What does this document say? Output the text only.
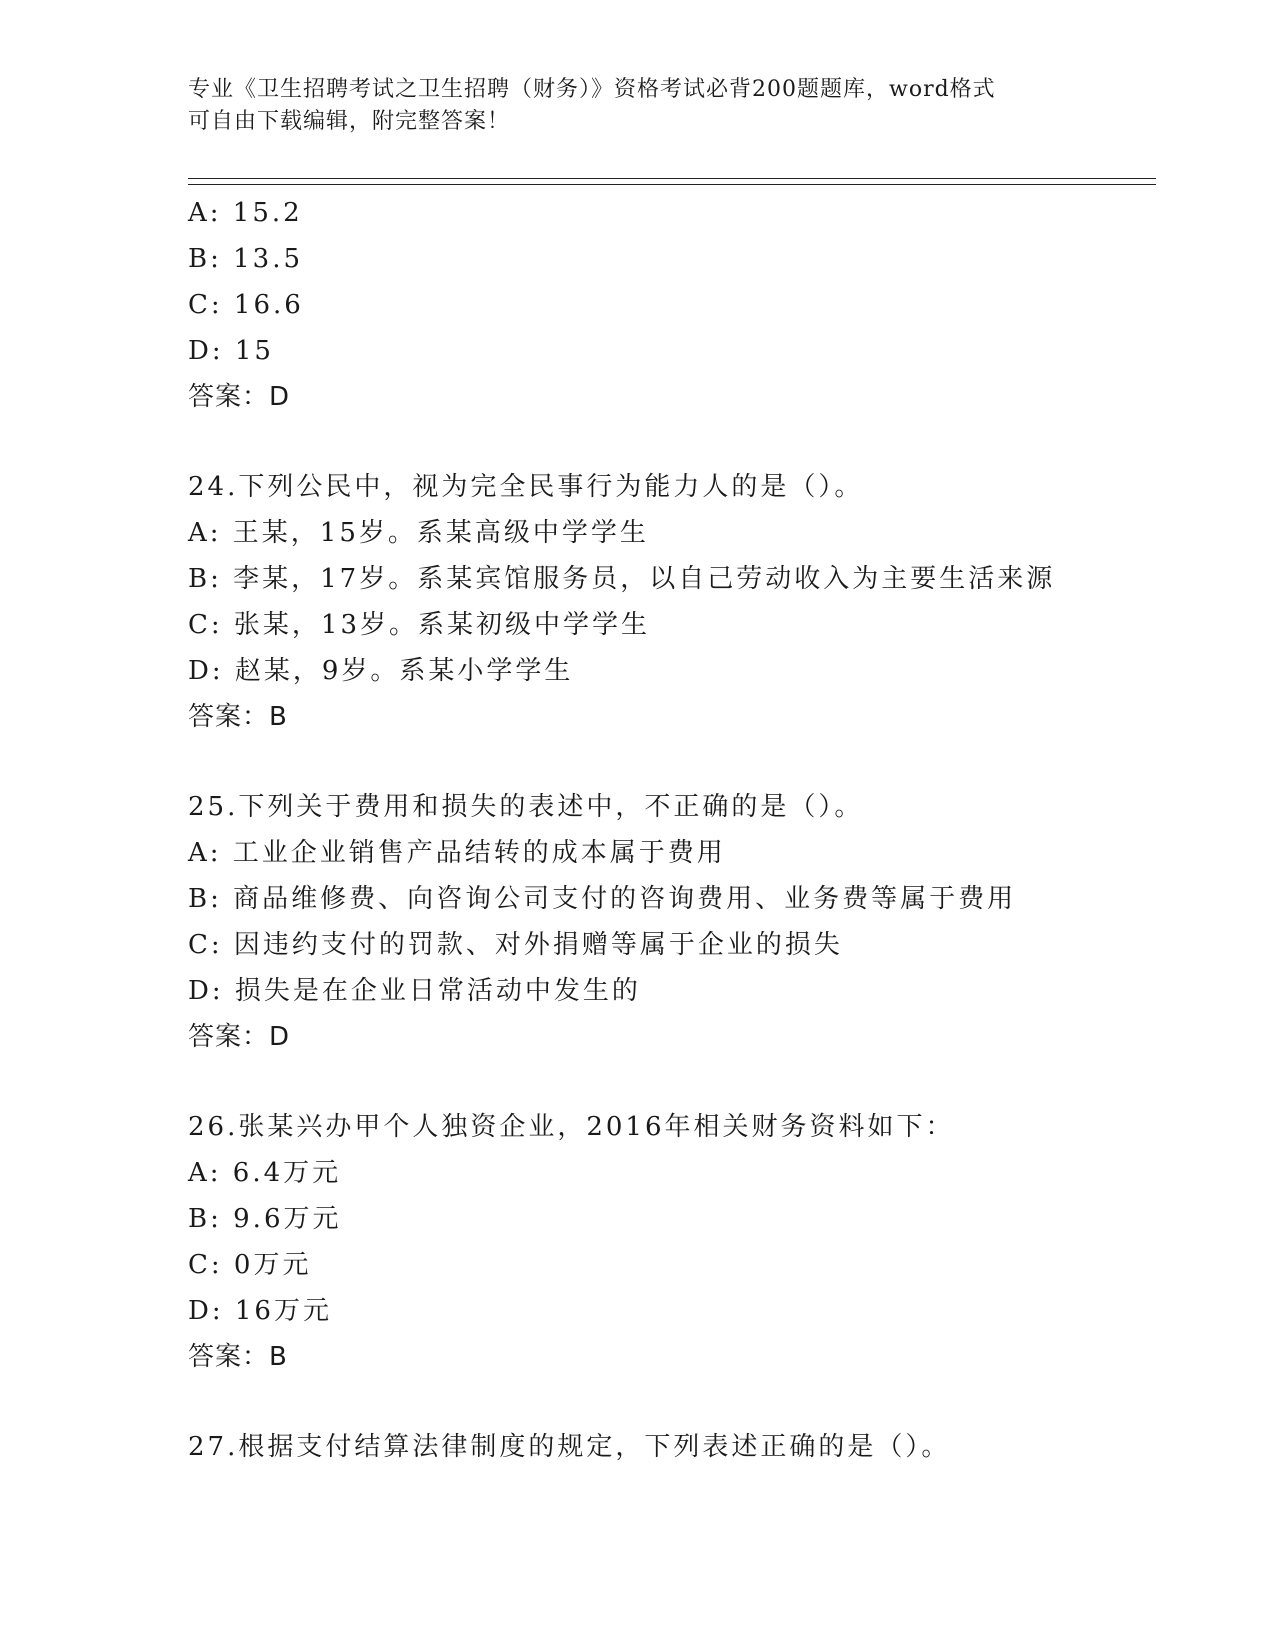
专业《卫生招聘考试之卫生招聘（财务）》资格考试必背200题题库，word格式
可自由下载编辑，附完整答案！
A: 15.2
B: 13.5
C: 16.6
D: 15
答案：D
24.下列公民中，视为完全民事行为能力人的是（）。
A: 王某，15岁。系某高级中学学生
B: 李某，17岁。系某宾馆服务员，以自己劳动收入为主要生活来源
C: 张某，13岁。系某初级中学学生
D: 赵某，9岁。系某小学学生
答案：B
25.下列关于费用和损失的表述中，不正确的是（）。
A: 工业企业销售产品结转的成本属于费用
B: 商品维修费、向咨询公司支付的咨询费用、业务费等属于费用
C: 因违约支付的罚款、对外捐赠等属于企业的损失
D: 损失是在企业日常活动中发生的
答案：D
26.张某兴办甲个人独资企业，2016年相关财务资料如下：
A: 6.4万元
B: 9.6万元
C: 0万元
D: 16万元
答案：B
27.根据支付结算法律制度的规定，下列表述正确的是（）。
